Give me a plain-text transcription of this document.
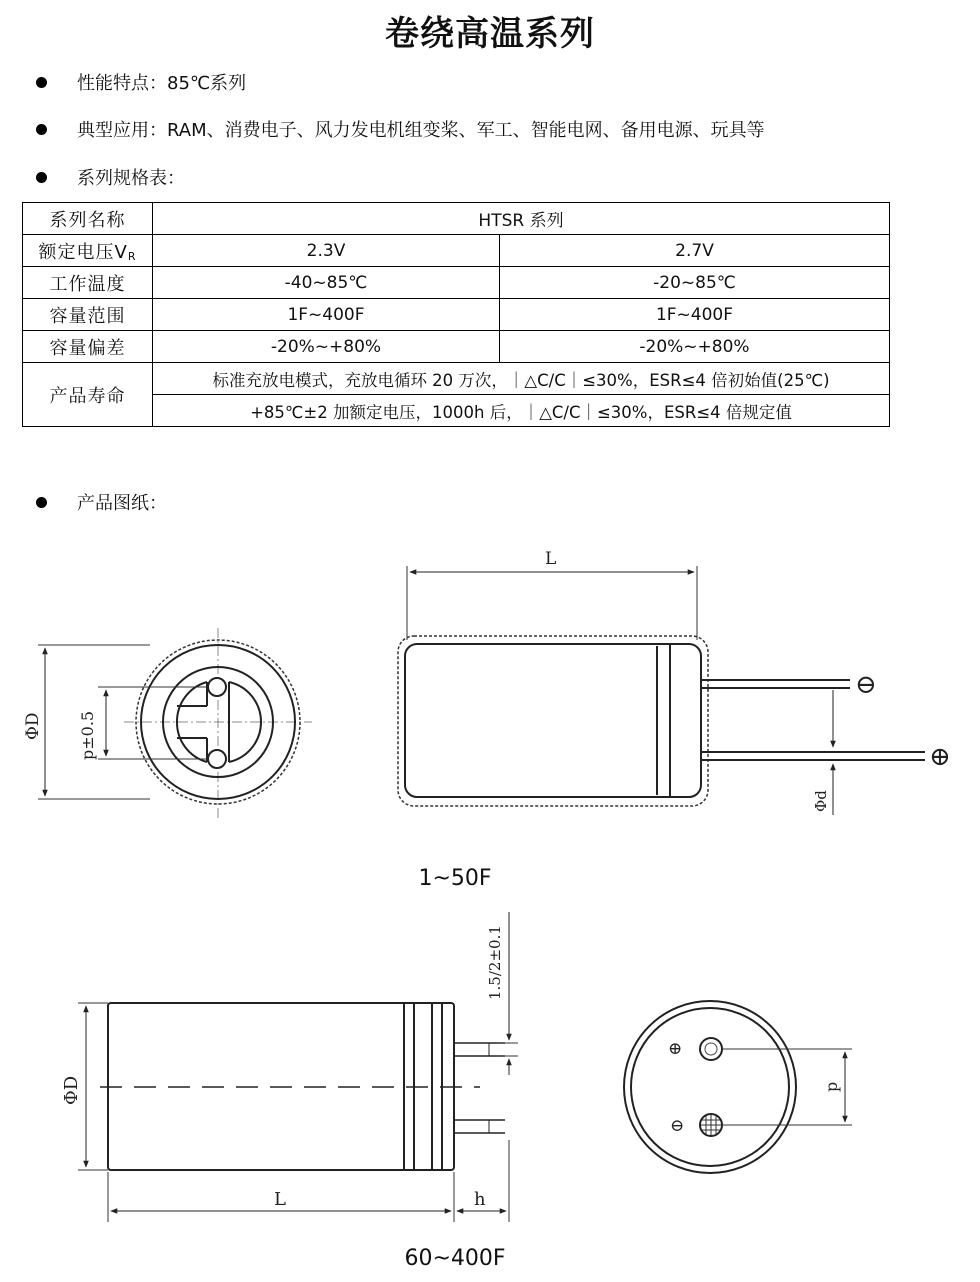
卷绕高温系列
性能特点：85℃系列
典型应用：RAM、消费电子、风力发电机组变桨、军工、智能电网、备用电源、玩具等
系列规格表：
系列名称	HTSR 系列	
额定电压$V_R$	2.3V	2.7V
工作温度	-40~85℃	-20~85℃
容量范围	1F~400F	1F~400F
容量偏差	-20%~+80%	-20%~+80%
产品寿命	标准充放电模式，充放电循环 20 万次，｜△C/C｜≤30%，ESR≤4 倍初始值(25℃)	
	+85℃±2 加额定电压，1000h 后，｜△C/C｜≤30%，ESR≤4 倍规定值	
产品图纸：
ΦD p±0.5
L
Φd
⊖
⊕
ΦD
1.5/2±0.1
L	h
⊕
⊖
p
1~50F
60~400F
